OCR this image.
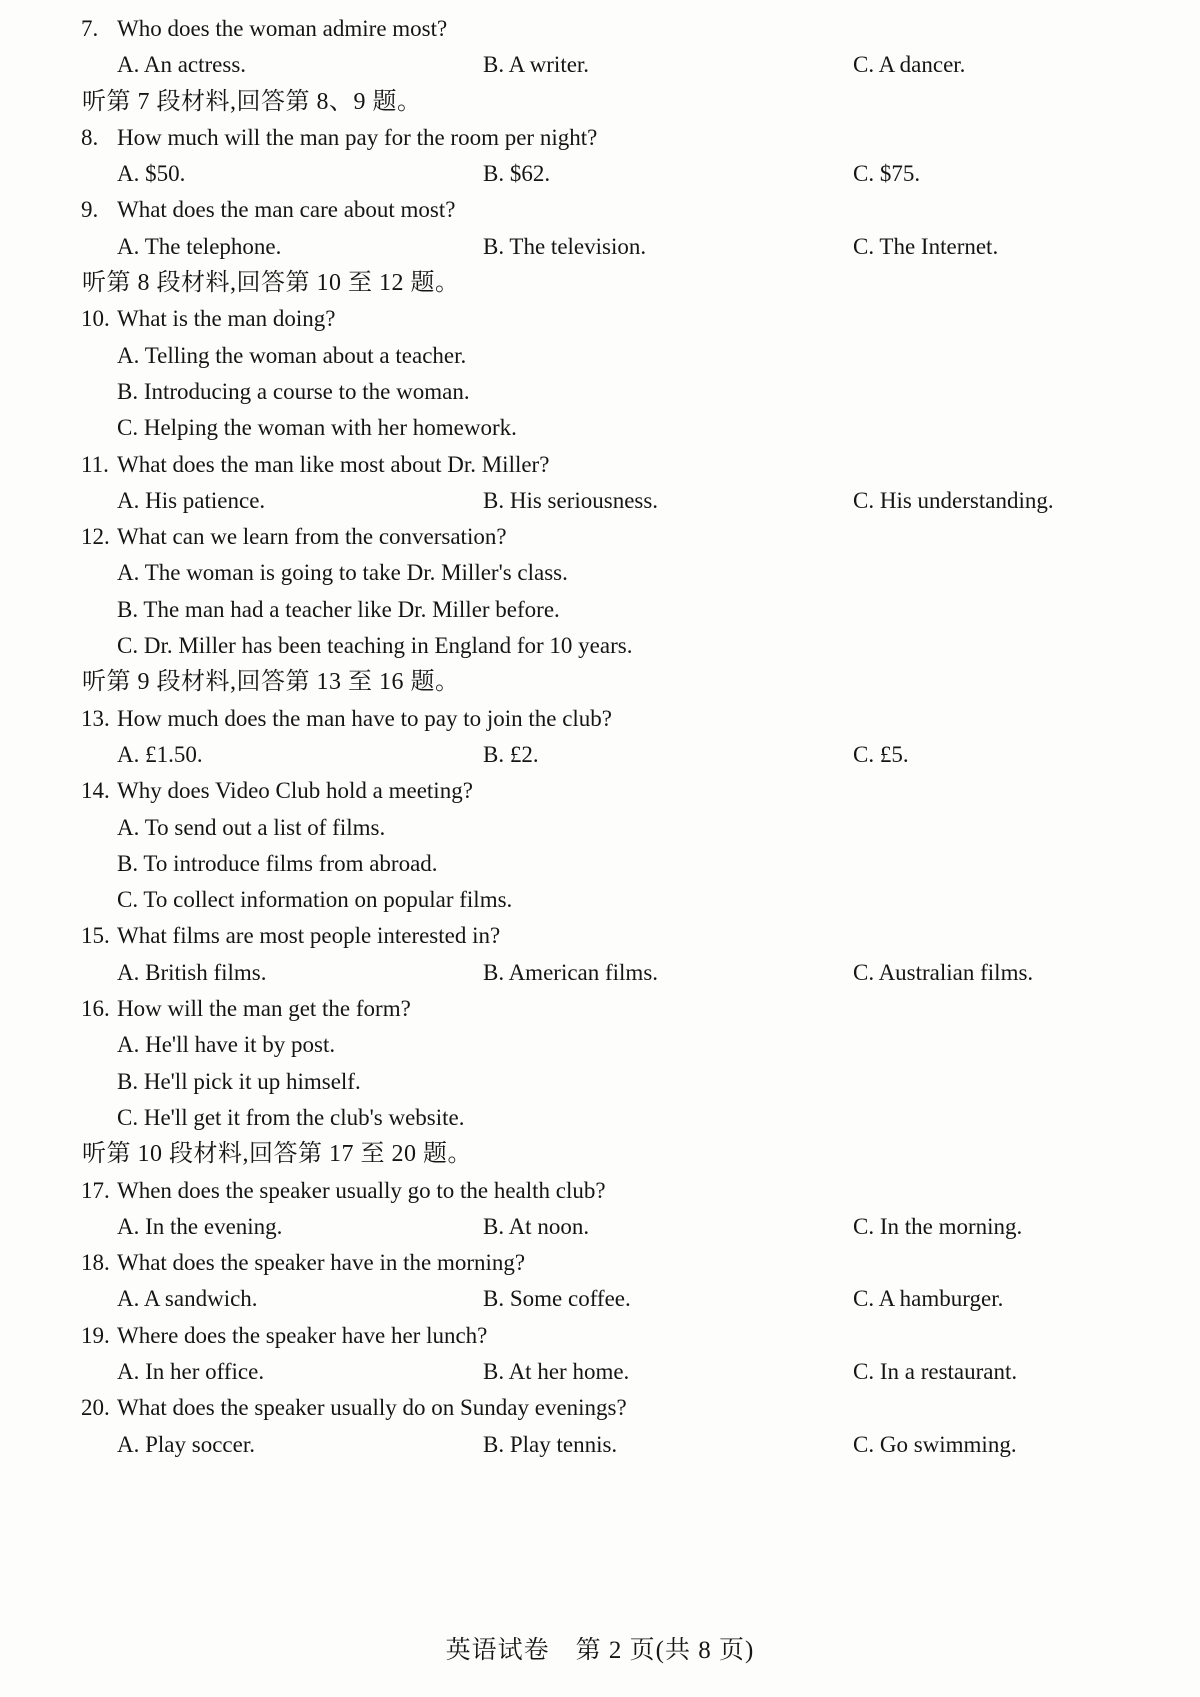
7. Who does the woman admire most?
A. An actress.	B. A writer.	C. A dancer.
听第 7 段材料,回答第 8、9 题。
8. How much will the man pay for the room per night?
A. $50.	B. $62.	C. $75.
9. What does the man care about most?
A. The telephone.	B. The television.	C. The Internet.
听第 8 段材料,回答第 10 至 12 题。
10. What is the man doing?
A. Telling the woman about a teacher.
B. Introducing a course to the woman.
C. Helping the woman with her homework.
11. What does the man like most about Dr. Miller?
A. His patience.	B. His seriousness.	C. His understanding.
12. What can we learn from the conversation?
A. The woman is going to take Dr. Miller's class.
B. The man had a teacher like Dr. Miller before.
C. Dr. Miller has been teaching in England for 10 years.
听第 9 段材料,回答第 13 至 16 题。
13. How much does the man have to pay to join the club?
A. £1.50.	B. £2.	C. £5.
14. Why does Video Club hold a meeting?
A. To send out a list of films.
B. To introduce films from abroad.
C. To collect information on popular films.
15. What films are most people interested in?
A. British films.	B. American films.	C. Australian films.
16. How will the man get the form?
A. He'll have it by post.
B. He'll pick it up himself.
C. He'll get it from the club's website.
听第 10 段材料,回答第 17 至 20 题。
17. When does the speaker usually go to the health club?
A. In the evening.	B. At noon.	C. In the morning.
18. What does the speaker have in the morning?
A. A sandwich.	B. Some coffee.	C. A hamburger.
19. Where does the speaker have her lunch?
A. In her office.	B. At her home.	C. In a restaurant.
20. What does the speaker usually do on Sunday evenings?
A. Play soccer.	B. Play tennis.	C. Go swimming.
英语试卷　第 2 页(共 8 页)
